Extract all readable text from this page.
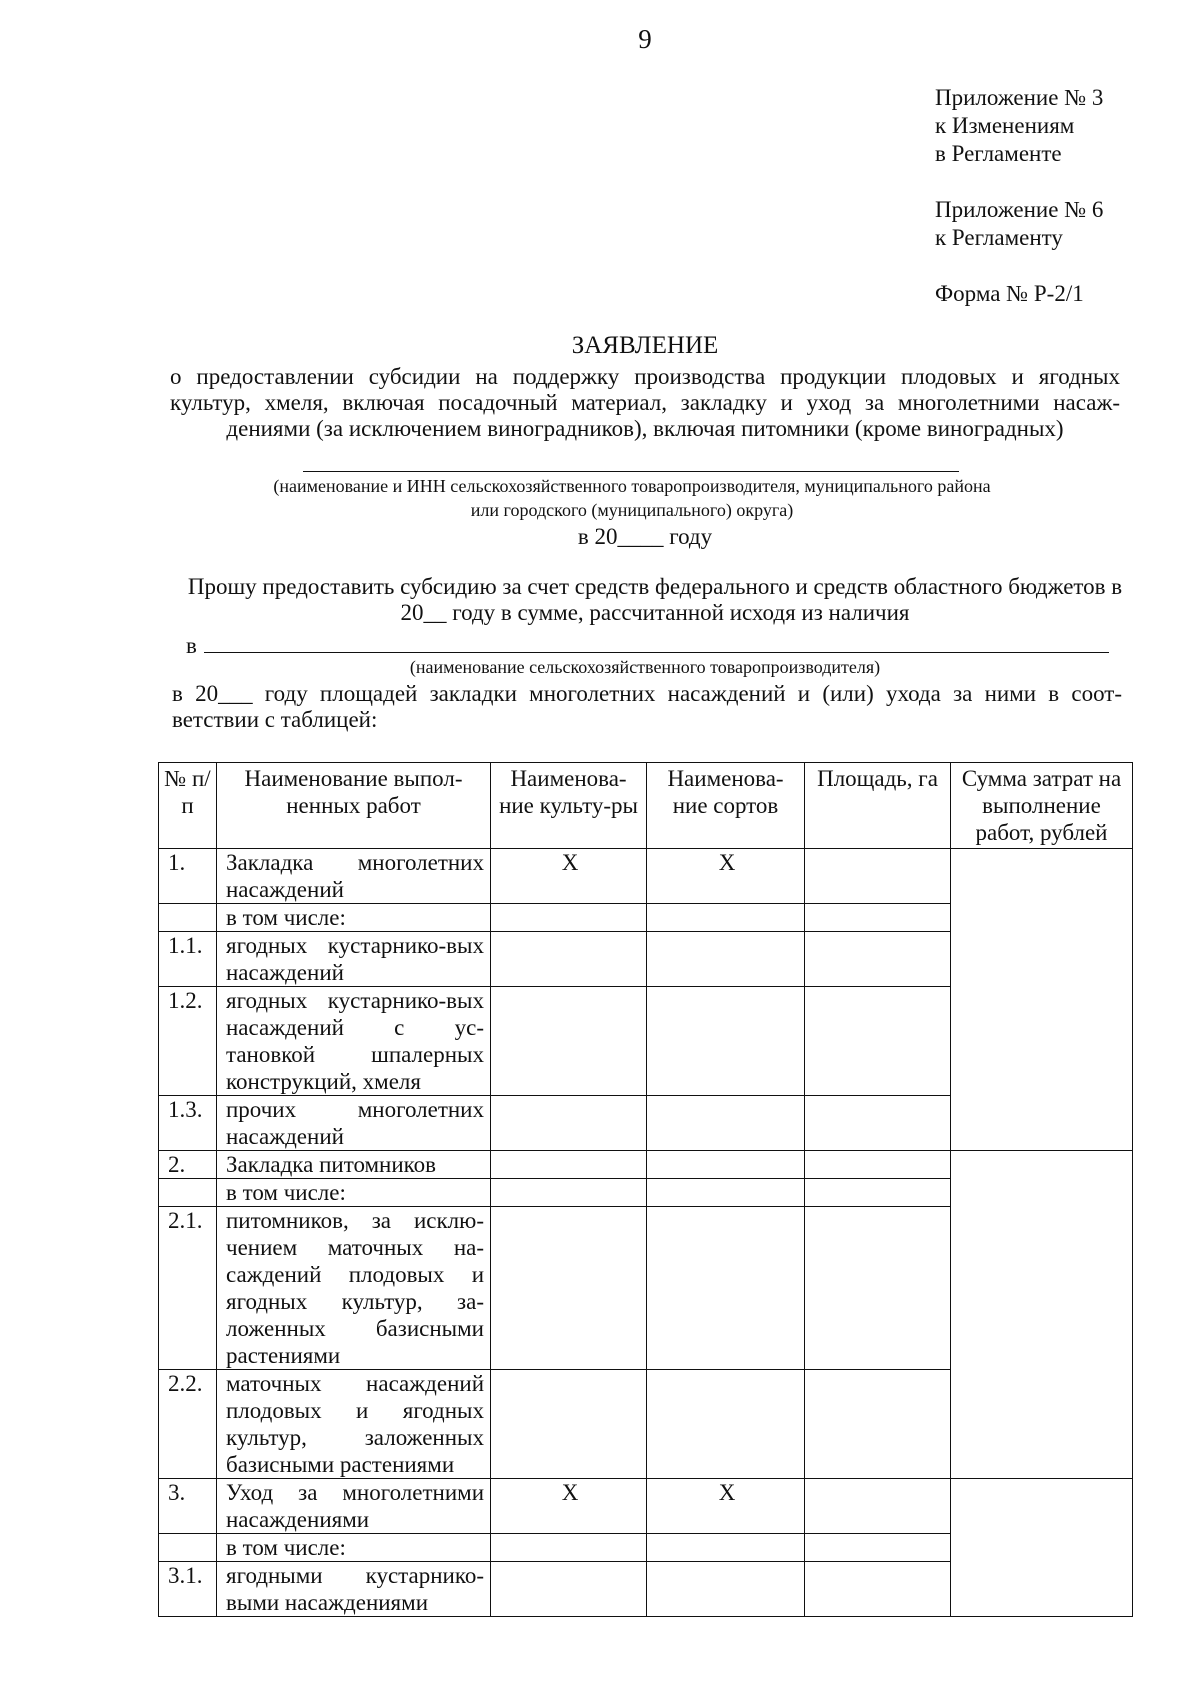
9
Приложение № 3
к Изменениям
в Регламенте
Приложение № 6
к Регламенту
Форма № Р-2/1
ЗАЯВЛЕНИЕ
о предоставлении субсидии на поддержку производства продукции плодовых и ягодных культур, хмеля, включая посадочный материал, закладку и уход за многолетними насаж-дениями (за исключением виноградников), включая питомники (кроме виноградных)
(наименование и ИНН сельскохозяйственного товаропроизводителя, муниципального района или городского (муниципального) округа)
в 20____ году
Прошу предоставить субсидию за счет средств федерального и средств областного бюджетов в 20__ году в сумме, рассчитанной исходя из наличия
в
(наименование сельскохозяйственного товаропроизводителя)
в 20___ году площадей закладки многолетних насаждений и (или) ухода за ними в соот-ветствии с таблицей:
№ п/п	Наименование выпол-ненных работ	Наименова-ние культу-ры	Наименова-ние сортов	Площадь, га	Сумма затрат на выполнение работ, рублей
1.	Закладка многолетних насаждений	X	X		
	в том числе:				
1.1.	ягодных кустарнико-вых насаждений				
1.2.	ягодных кустарнико-вых насаждений с ус-тановкой шпалерных конструкций, хмеля				
1.3.	прочих многолетних насаждений				
2.	Закладка питомников				
	в том числе:				
2.1.	питомников, за исклю-чением маточных на-саждений плодовых и ягодных культур, за-ложенных базисными растениями				
2.2.	маточных насаждений плодовых и ягодных культур, заложенных базисными растениями				
3.	Уход за многолетними насаждениями	X	X		
	в том числе:				
3.1.	ягодными кустарнико-выми насаждениями				
